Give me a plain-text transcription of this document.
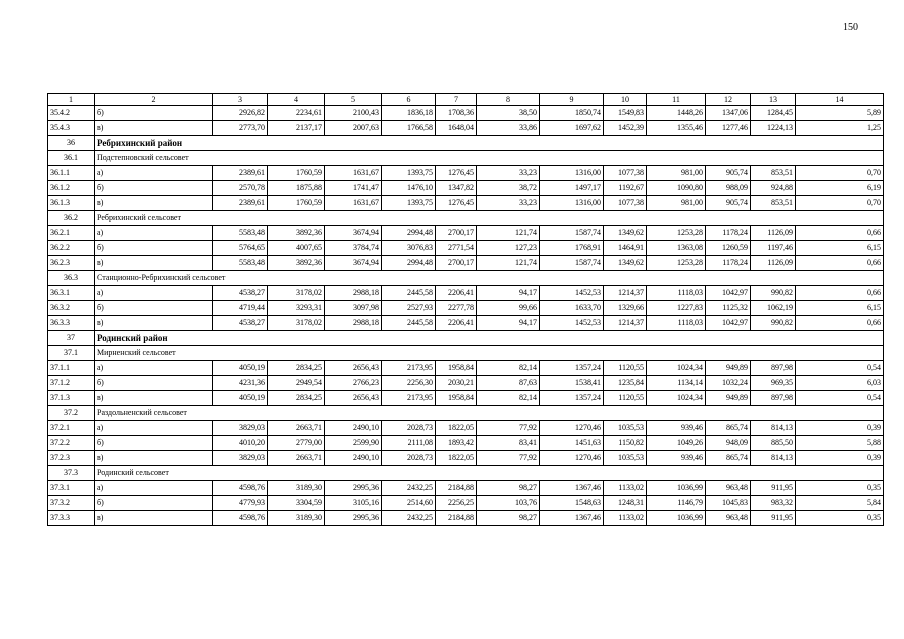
150
1	2	3	4	5	6	7	8	9	10	11	12	13	14
35.4.2	б)	2926,82	2234,61	2100,43	1836,18	1708,36	38,50	1850,74	1549,83	1448,26	1347,06	1284,45	5,89
35.4.3	в)	2773,70	2137,17	2007,63	1766,58	1648,04	33,86	1697,62	1452,39	1355,46	1277,46	1224,13	1,25
36	Ребрихинский район												
36.1	Подстепновский сельсовет												
36.1.1	а)	2389,61	1760,59	1631,67	1393,75	1276,45	33,23	1316,00	1077,38	981,00	905,74	853,51	0,70
36.1.2	б)	2570,78	1875,88	1741,47	1476,10	1347,82	38,72	1497,17	1192,67	1090,80	988,09	924,88	6,19
36.1.3	в)	2389,61	1760,59	1631,67	1393,75	1276,45	33,23	1316,00	1077,38	981,00	905,74	853,51	0,70
36.2	Ребрихинский сельсовет												
36.2.1	а)	5583,48	3892,36	3674,94	2994,48	2700,17	121,74	1587,74	1349,62	1253,28	1178,24	1126,09	0,66
36.2.2	б)	5764,65	4007,65	3784,74	3076,83	2771,54	127,23	1768,91	1464,91	1363,08	1260,59	1197,46	6,15
36.2.3	в)	5583,48	3892,36	3674,94	2994,48	2700,17	121,74	1587,74	1349,62	1253,28	1178,24	1126,09	0,66
36.3	Станционно-Ребрихинский сельсовет												
36.3.1	а)	4538,27	3178,02	2988,18	2445,58	2206,41	94,17	1452,53	1214,37	1118,03	1042,97	990,82	0,66
36.3.2	б)	4719,44	3293,31	3097,98	2527,93	2277,78	99,66	1633,70	1329,66	1227,83	1125,32	1062,19	6,15
36.3.3	в)	4538,27	3178,02	2988,18	2445,58	2206,41	94,17	1452,53	1214,37	1118,03	1042,97	990,82	0,66
37	Родинский район												
37.1	Мирненский сельсовет												
37.1.1	а)	4050,19	2834,25	2656,43	2173,95	1958,84	82,14	1357,24	1120,55	1024,34	949,89	897,98	0,54
37.1.2	б)	4231,36	2949,54	2766,23	2256,30	2030,21	87,63	1538,41	1235,84	1134,14	1032,24	969,35	6,03
37.1.3	в)	4050,19	2834,25	2656,43	2173,95	1958,84	82,14	1357,24	1120,55	1024,34	949,89	897,98	0,54
37.2	Раздольненский сельсовет												
37.2.1	а)	3829,03	2663,71	2490,10	2028,73	1822,05	77,92	1270,46	1035,53	939,46	865,74	814,13	0,39
37.2.2	б)	4010,20	2779,00	2599,90	2111,08	1893,42	83,41	1451,63	1150,82	1049,26	948,09	885,50	5,88
37.2.3	в)	3829,03	2663,71	2490,10	2028,73	1822,05	77,92	1270,46	1035,53	939,46	865,74	814,13	0,39
37.3	Родинский сельсовет												
37.3.1	а)	4598,76	3189,30	2995,36	2432,25	2184,88	98,27	1367,46	1133,02	1036,99	963,48	911,95	0,35
37.3.2	б)	4779,93	3304,59	3105,16	2514,60	2256,25	103,76	1548,63	1248,31	1146,79	1045,83	983,32	5,84
37.3.3	в)	4598,76	3189,30	2995,36	2432,25	2184,88	98,27	1367,46	1133,02	1036,99	963,48	911,95	0,35
